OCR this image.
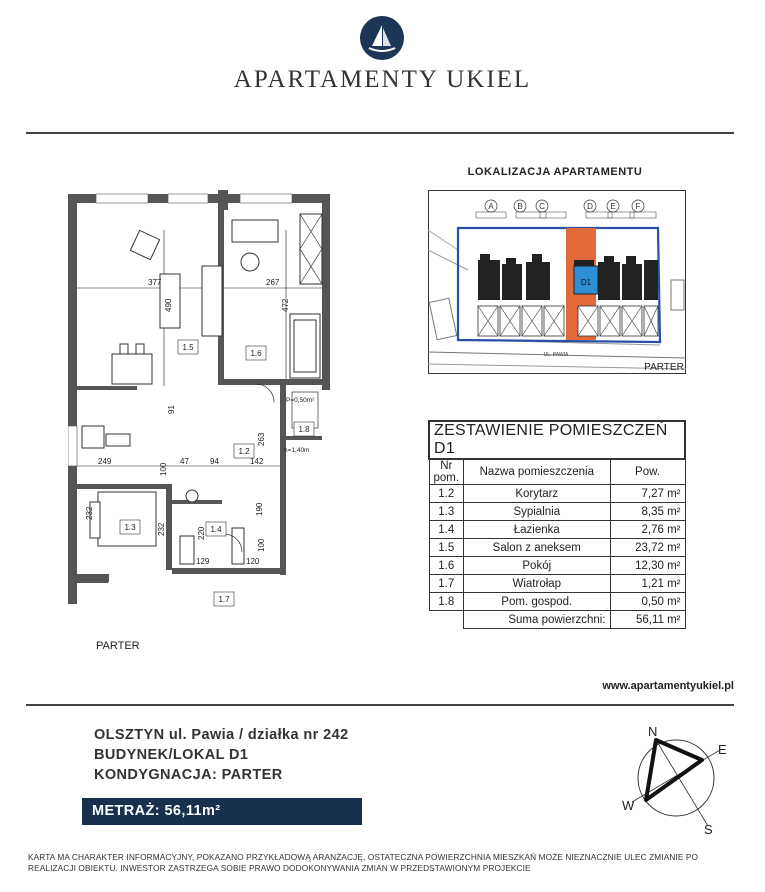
APARTAMENTY UKIEL
LOKALIZACJA APARTAMENTU
A	B C	D E F
D1
UL. PAWIA
PARTER
1.5
1.6
1.2
1.3	1.4
1.8
1.7
377	267
490	472
91
263
249
100
47	94	142
232
232	220
190
100
129	120
P=0,50m²
h=1,40m
PARTER
ZESTAWIENIE POMIESZCZEŃ D1		
Nr pom.	Nazwa pomieszczenia	Pow.
1.2	Korytarz	7,27 m²
1.3	Sypialnia	8,35 m²
1.4	Łazienka	2,76 m²
1.5	Salon z aneksem	23,72 m²
1.6	Pokój	12,30 m²
1.7	Wiatrołap	1,21 m²
1.8	Pom. gospod.	0,50 m²
	Suma powierzchni:	56,11 m²
www.apartamentyukiel.pl
OLSZTYN ul. Pawia / działka nr 242
BUDYNEK/LOKAL D1
KONDYGNACJA: PARTER
METRAŻ: 56,11m²
N
E
S
W
KARTA MA CHARAKTER INFORMACYJNY, POKAZANO PRZYKŁADOWĄ ARANŻACJĘ, OSTATECZNA POWIERZCHNIA MIESZKAŃ MOŻE NIEZNACZNIE ULEC ZMIANIE PO REALIZACJI OBIEKTU. INWESTOR ZASTRZEGA SOBIE PRAWO DODOKONYWANIA ZMIAN W PRZEDSTAWIONYM PROJEKCIE
